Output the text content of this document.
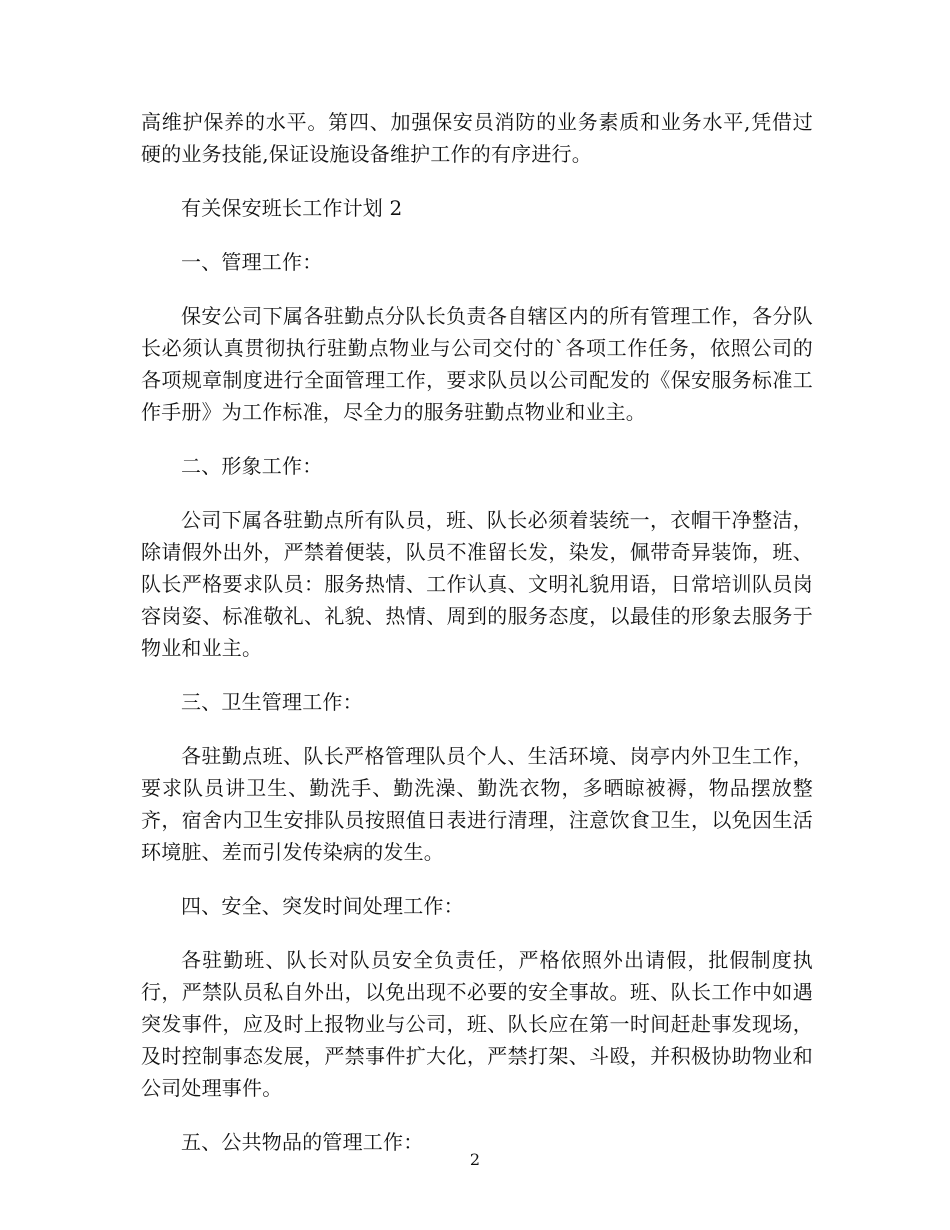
高维护保养的水平。第四、加强保安员消防的业务素质和业务水平,凭借过硬的业务技能,保证设施设备维护工作的有序进行。

有关保安班长工作计划 2

一、管理工作：

保安公司下属各驻勤点分队长负责各自辖区内的所有管理工作，各分队长必须认真贯彻执行驻勤点物业与公司交付的`各项工作任务，依照公司的各项规章制度进行全面管理工作，要求队员以公司配发的《保安服务标准工作手册》为工作标准，尽全力的服务驻勤点物业和业主。

二、形象工作：

公司下属各驻勤点所有队员，班、队长必须着装统一，衣帽干净整洁，除请假外出外，严禁着便装，队员不准留长发，染发，佩带奇异装饰，班、队长严格要求队员：服务热情、工作认真、文明礼貌用语，日常培训队员岗容岗姿、标准敬礼、礼貌、热情、周到的服务态度，以最佳的形象去服务于物业和业主。

三、卫生管理工作：

各驻勤点班、队长严格管理队员个人、生活环境、岗亭内外卫生工作，要求队员讲卫生、勤洗手、勤洗澡、勤洗衣物，多晒晾被褥，物品摆放整齐，宿舍内卫生安排队员按照值日表进行清理，注意饮食卫生，以免因生活环境脏、差而引发传染病的发生。

四、安全、突发时间处理工作：

各驻勤班、队长对队员安全负责任，严格依照外出请假，批假制度执行，严禁队员私自外出，以免出现不必要的安全事故。班、队长工作中如遇突发事件，应及时上报物业与公司，班、队长应在第一时间赶赴事发现场，及时控制事态发展，严禁事件扩大化，严禁打架、斗殴，并积极协助物业和公司处理事件。

五、公共物品的管理工作：

2
